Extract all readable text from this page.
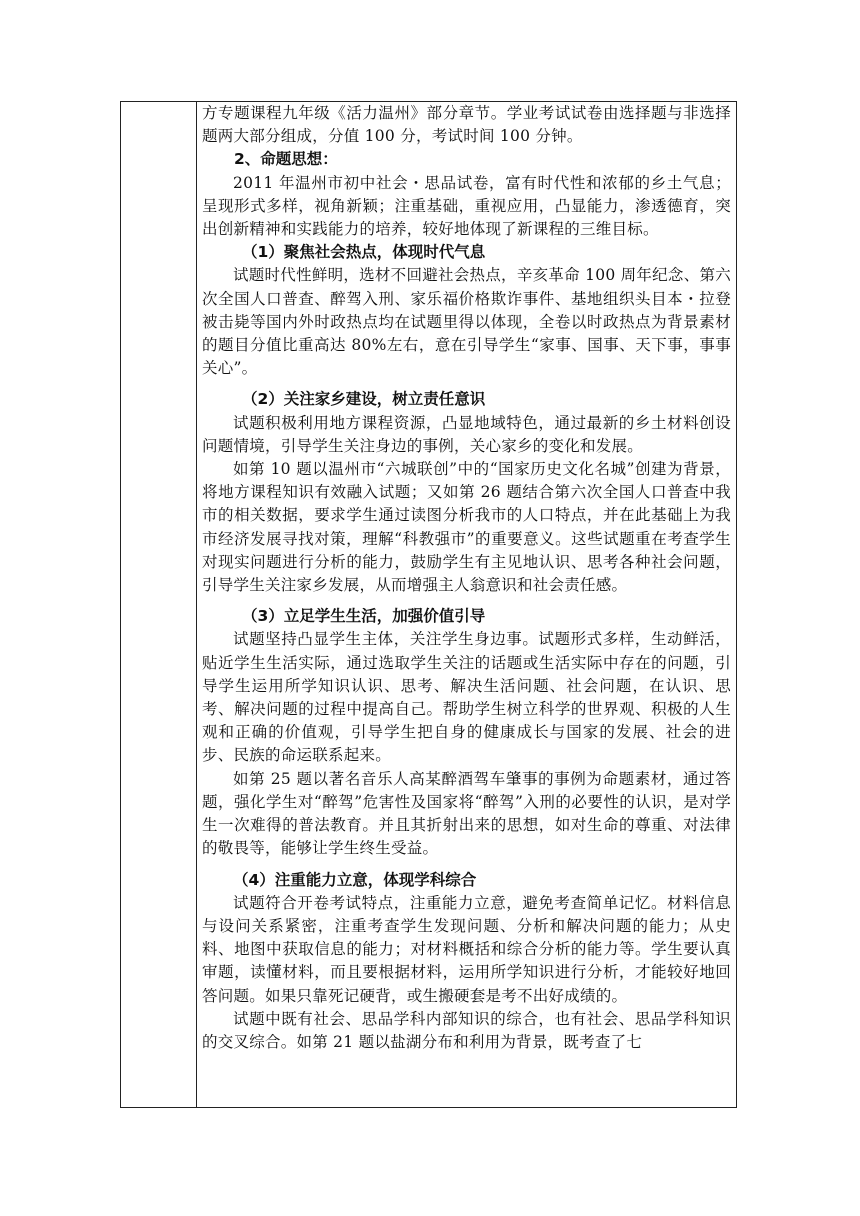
方专题课程九年级《活力温州》部分章节。学业考试试卷由选择题与非选择题两大部分组成，分值 100 分，考试时间 100 分钟。

2、命题思想：

2011 年温州市初中社会・思品试卷，富有时代性和浓郁的乡土气息；呈现形式多样，视角新颖；注重基础，重视应用，凸显能力，渗透德育，突出创新精神和实践能力的培养，较好地体现了新课程的三维目标。

（1）聚焦社会热点，体现时代气息

试题时代性鲜明，选材不回避社会热点，辛亥革命 100 周年纪念、第六次全国人口普查、醉驾入刑、家乐福价格欺诈事件、基地组织头目本・拉登被击毙等国内外时政热点均在试题里得以体现，全卷以时政热点为背景素材的题目分值比重高达 80%左右，意在引导学生“家事、国事、天下事，事事关心”。

（2）关注家乡建设，树立责任意识

试题积极利用地方课程资源，凸显地域特色，通过最新的乡土材料创设问题情境，引导学生关注身边的事例，关心家乡的变化和发展。

如第 10 题以温州市“六城联创”中的“国家历史文化名城”创建为背景，将地方课程知识有效融入试题；又如第 26 题结合第六次全国人口普查中我市的相关数据，要求学生通过读图分析我市的人口特点，并在此基础上为我市经济发展寻找对策，理解“科教强市”的重要意义。这些试题重在考查学生对现实问题进行分析的能力，鼓励学生有主见地认识、思考各种社会问题，引导学生关注家乡发展，从而增强主人翁意识和社会责任感。

（3）立足学生生活，加强价值引导

试题坚持凸显学生主体，关注学生身边事。试题形式多样，生动鲜活，贴近学生生活实际，通过选取学生关注的话题或生活实际中存在的问题，引导学生运用所学知识认识、思考、解决生活问题、社会问题，在认识、思考、解决问题的过程中提高自己。帮助学生树立科学的世界观、积极的人生观和正确的价值观，引导学生把自身的健康成长与国家的发展、社会的进步、民族的命运联系起来。

如第 25 题以著名音乐人高某醉酒驾车肇事的事例为命题素材，通过答题，强化学生对“醉驾”危害性及国家将“醉驾”入刑的必要性的认识，是对学生一次难得的普法教育。并且其折射出来的思想，如对生命的尊重、对法律的敬畏等，能够让学生终生受益。

（4）注重能力立意，体现学科综合

试题符合开卷考试特点，注重能力立意，避免考查简单记忆。材料信息与设问关系紧密，注重考查学生发现问题、分析和解决问题的能力；从史料、地图中获取信息的能力；对材料概括和综合分析的能力等。学生要认真审题，读懂材料，而且要根据材料，运用所学知识进行分析，才能较好地回答问题。如果只靠死记硬背，或生搬硬套是考不出好成绩的。

试题中既有社会、思品学科内部知识的综合，也有社会、思品学科知识的交叉综合。如第 21 题以盐湖分布和利用为背景，既考查了七
